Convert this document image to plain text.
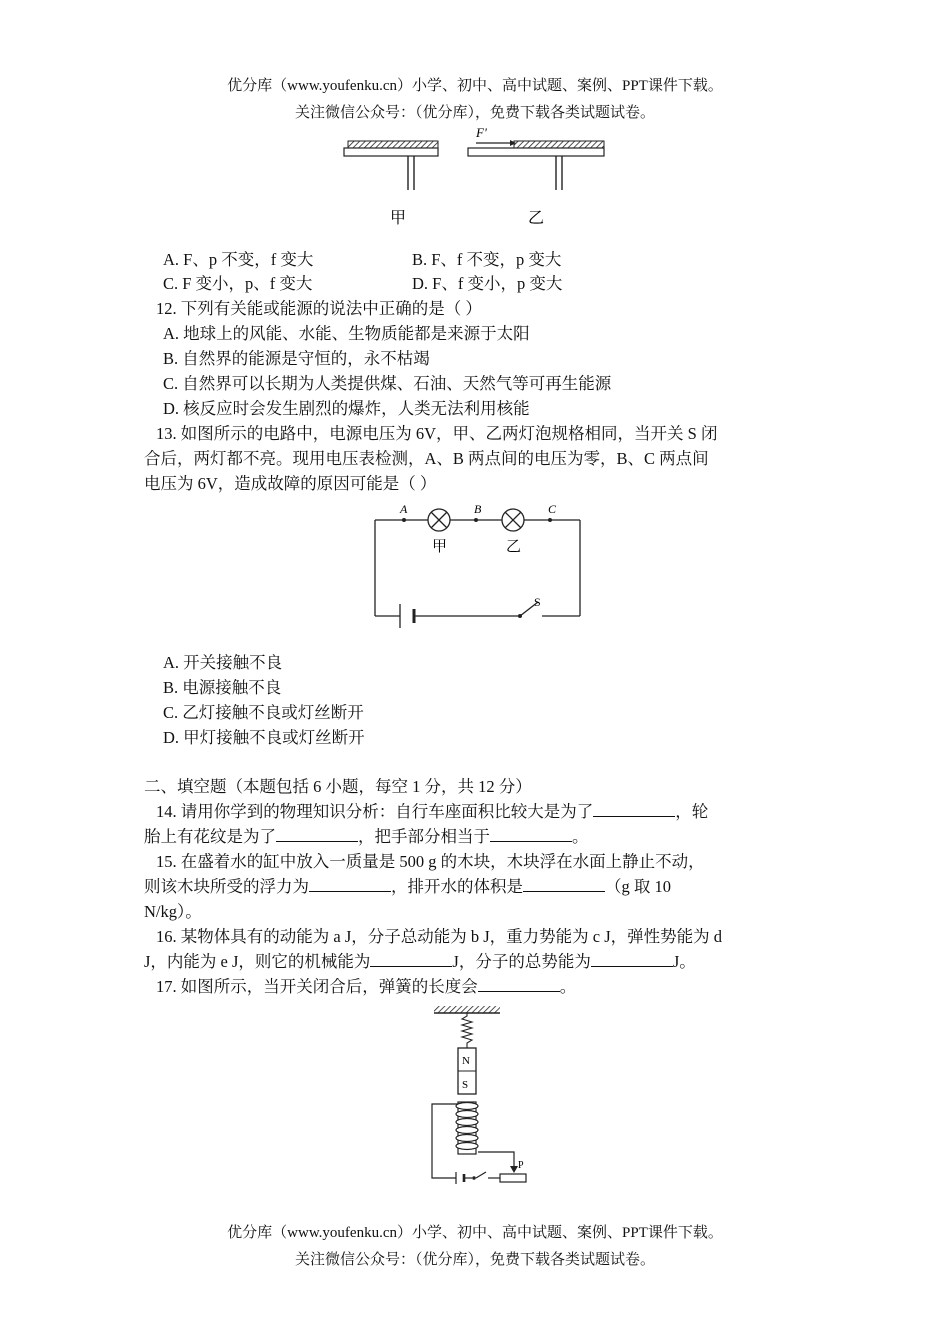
优分库（www.youfenku.cn）小学、初中、高中试题、案例、PPT课件下载。
关注微信公众号：（优分库），免费下载各类试题试卷。
F'
甲	乙
A. F、p 不变，f 变大	B. F、f 不变，p 变大
C. F 变小，p、f 变大	D. F、f 变小，p 变大
12. 下列有关能或能源的说法中正确的是（ ）
A. 地球上的风能、水能、生物质能都是来源于太阳
B. 自然界的能源是守恒的，永不枯竭
C. 自然界可以长期为人类提供煤、石油、天然气等可再生能源
D. 核反应时会发生剧烈的爆炸，人类无法利用核能
13. 如图所示的电路中，电源电压为 6V，甲、乙两灯泡规格相同，当开关 S 闭
合后，两灯都不亮。现用电压表检测，A、B 两点间的电压为零，B、C 两点间
电压为 6V，造成故障的原因可能是（ ）
A	B	C
甲	乙
S
A. 开关接触不良
B. 电源接触不良
C. 乙灯接触不良或灯丝断开
D. 甲灯接触不良或灯丝断开
二、填空题（本题包括 6 小题，每空 1 分，共 12 分）
14. 请用你学到的物理知识分析：自行车座面积比较大是为了	，轮
胎上有花纹是为了	，把手部分相当于	。
15. 在盛着水的缸中放入一质量是 500 g 的木块，木块浮在水面上静止不动，
则该木块所受的浮力为	，排开水的体积是	（g 取 10
N/kg）。
16. 某物体具有的动能为 a J，分子总动能为 b J，重力势能为 c J，弹性势能为 d
J，内能为 e J，则它的机械能为	J，分子的总势能为	J。
17. 如图所示，当开关闭合后，弹簧的长度会	。
N
S
P
优分库（www.youfenku.cn）小学、初中、高中试题、案例、PPT课件下载。
关注微信公众号：（优分库），免费下载各类试题试卷。
